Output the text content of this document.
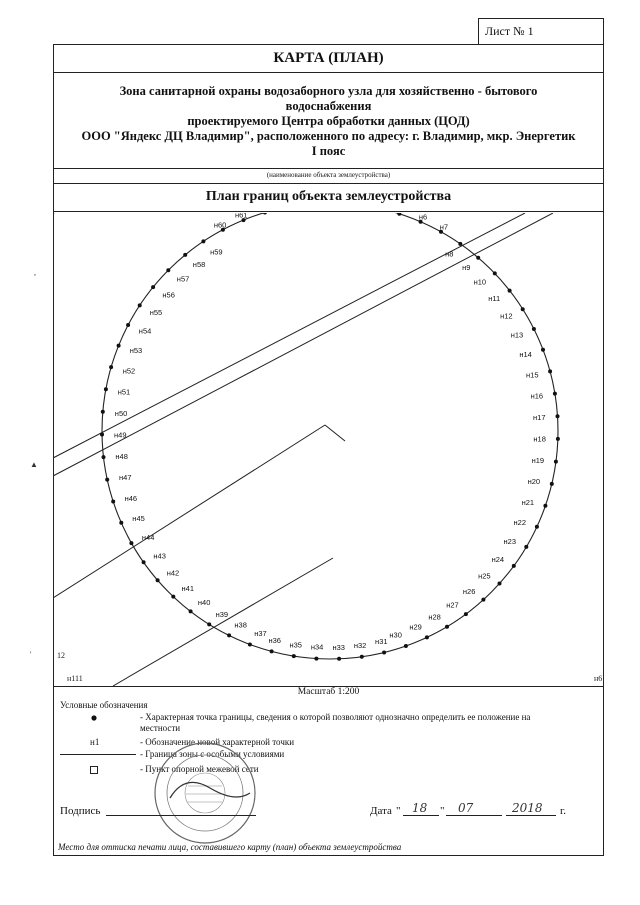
Лист № 1
КАРТА (ПЛАН)
Зона санитарной охраны водозаборного узла для хозяйственно - бытового
водоснабжения
проектируемого Центра обработки данных (ЦОД)
ООО "Яндекс ДЦ Владимир", расположенного по адресу: г. Владимир, мкр. Энергетик
I пояс
(наименование объекта землеустройства)
План границ объекта землеустройства
н6
н7
н8
н9
н10
н11
н12
н13
н14
н15
н16
н17
н18
н19
н20
н21
н22
н23
н24
н25
н26
н27
н28
н29
н30
н31
н32
н33
н34
н35
н36
н37
н38
н39
н40
н41
н42
н43
н44
н45
н46
н47
н48
н49
н50
н51
н52
н53
н54
н55
н56
н57
н58
н59
н60
н61
12
н111	н6
Масштаб 1:200
Условные обозначения
- Характерная точка границы, сведения о которой позволяют однозначно определить ее положение на
местности
н1	- Обозначение новой характерной точки
- Граница зоны с особыми условиями
- Пункт опорной межевой сети
Подпись	Дата " 18 " 07	2018 г.
Место для оттиска печати лица, составившего карту (план) объекта землеустройства
,
▲
'
